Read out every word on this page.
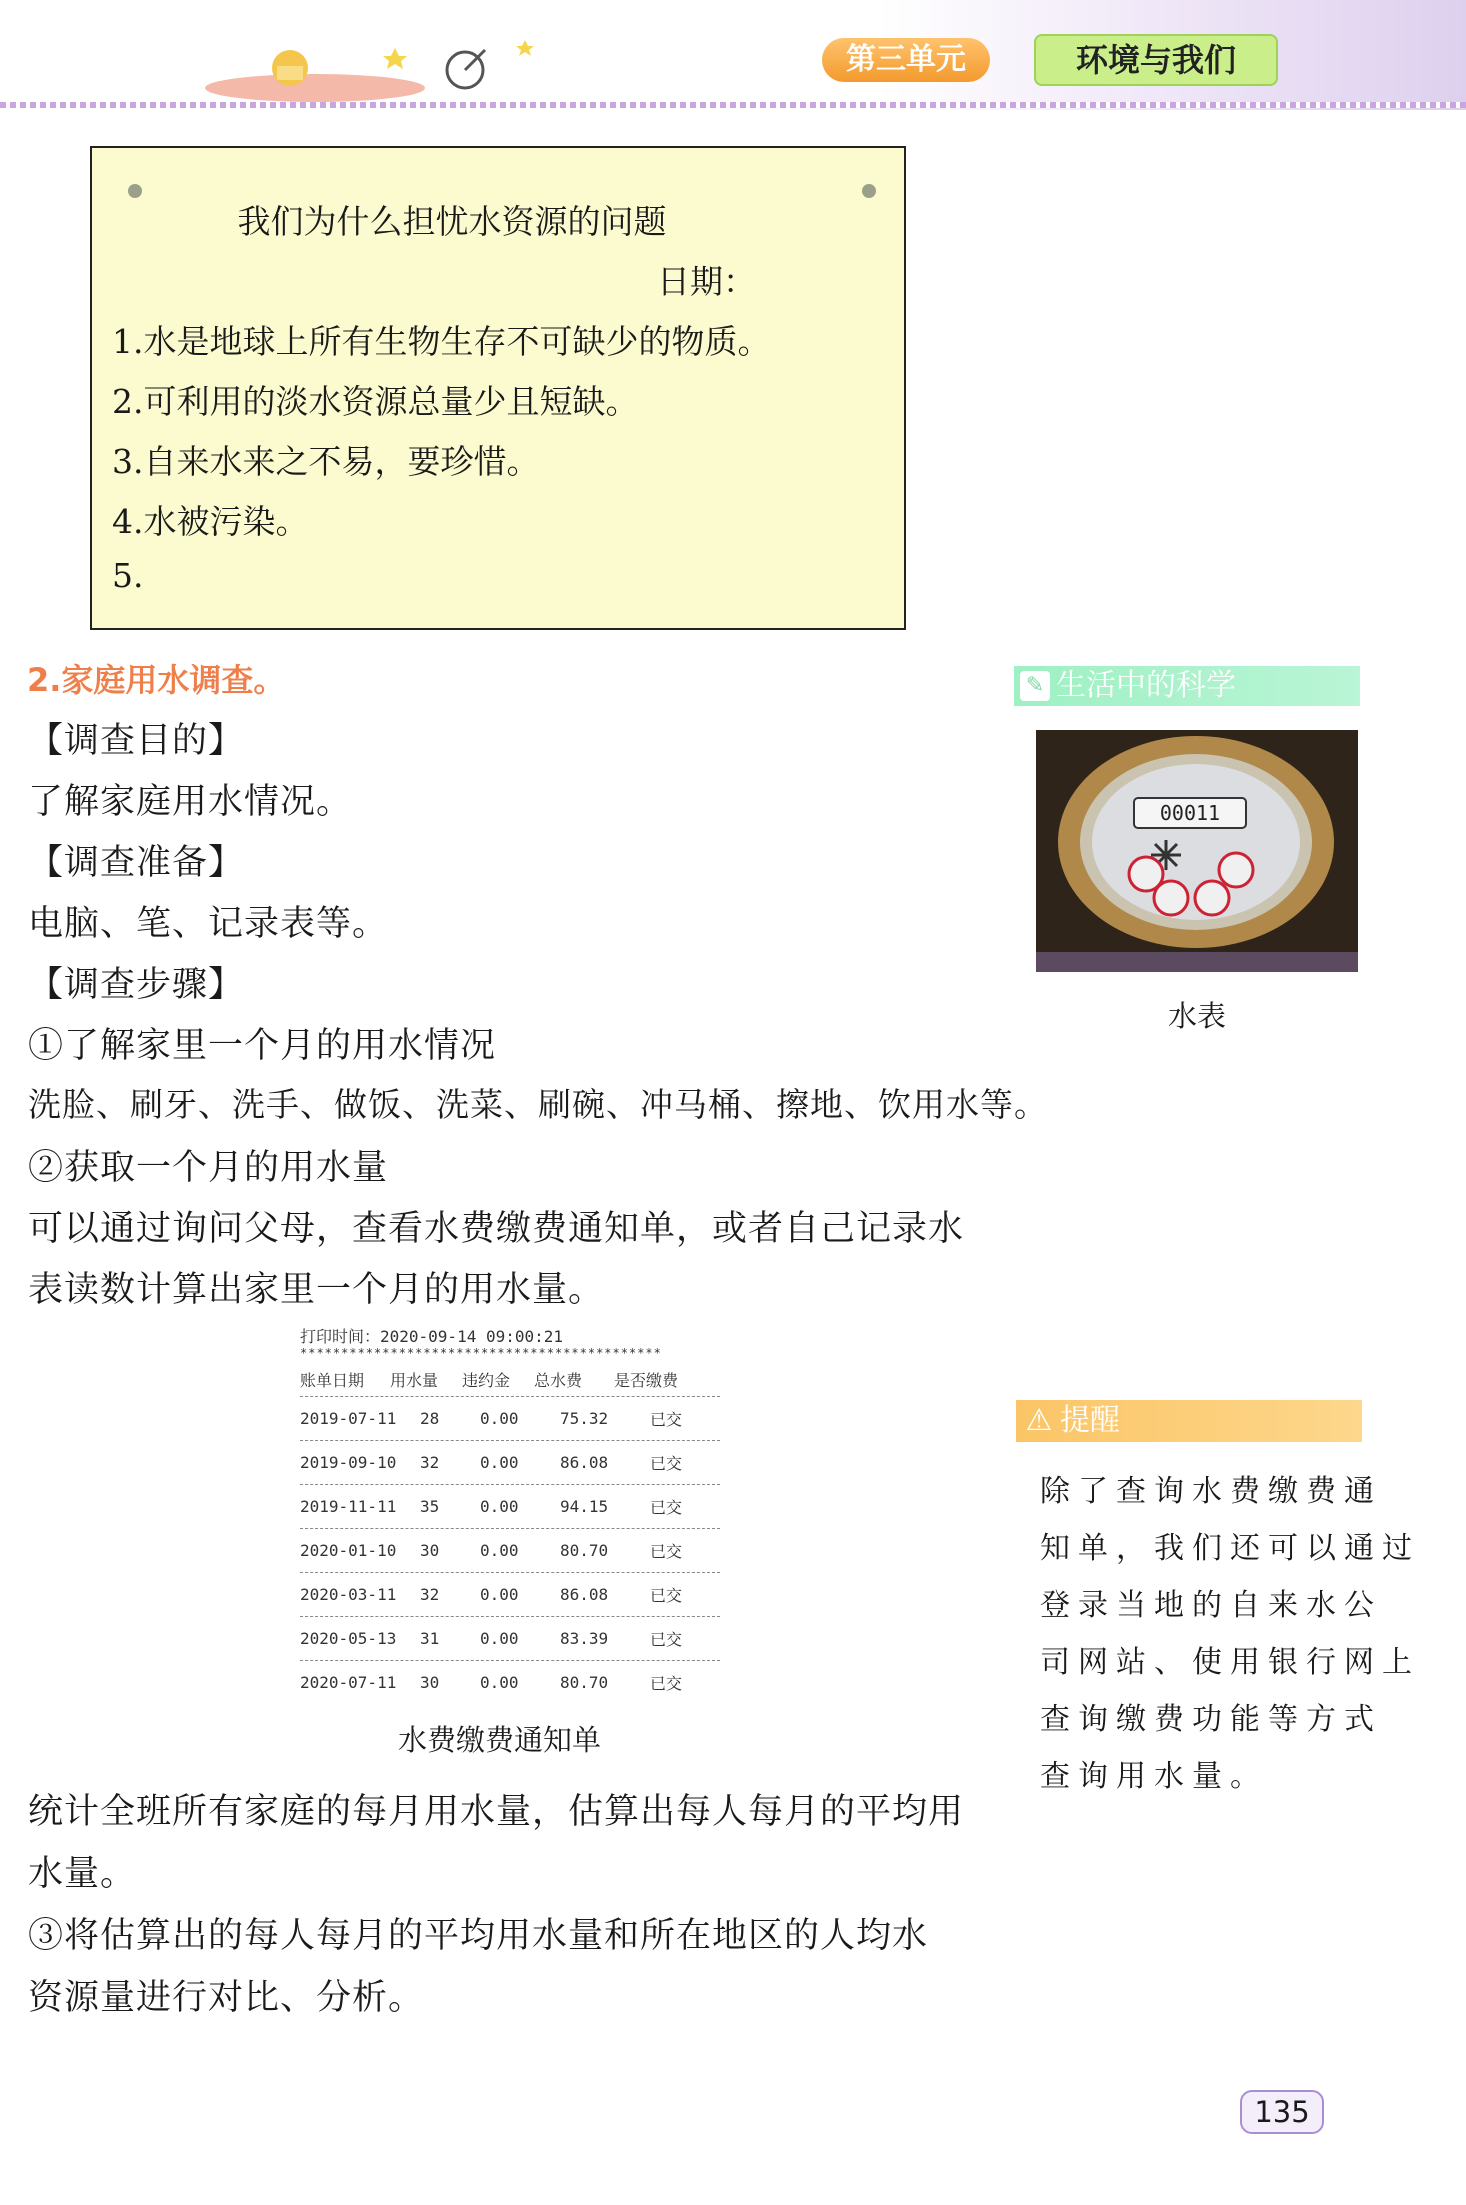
第三单元	环境与我们
我们为什么担忧水资源的问题
日期：
1.水是地球上所有生物生存不可缺少的物质。
2.可利用的淡水资源总量少且短缺。
3.自来水来之不易，要珍惜。
4.水被污染。
5.
2.家庭用水调查。
【调查目的】
了解家庭用水情况。
【调查准备】
电脑、笔、记录表等。
【调查步骤】
①了解家里一个月的用水情况
洗脸、刷牙、洗手、做饭、洗菜、刷碗、冲马桶、擦地、饮用水等。
②获取一个月的用水量
可以通过询问父母，查看水费缴费通知单，或者自己记录水
表读数计算出家里一个月的用水量。
打印时间：2020-09-14 09:00:21
********************************************
账单日期	用水量	违约金	总水费	是否缴费
2019-07-11	28	0.00	75.32	已交
2019-09-10	32	0.00	86.08	已交
2019-11-11	35	0.00	94.15	已交
2020-01-10	30	0.00	80.70	已交
2020-03-11	32	0.00	86.08	已交
2020-05-13	31	0.00	83.39	已交
2020-07-11	30	0.00	80.70	已交
水费缴费通知单
统计全班所有家庭的每月用水量，估算出每人每月的平均用
水量。
③将估算出的每人每月的平均用水量和所在地区的人均水
资源量进行对比、分析。
✎ 生活中的科学
00011
水表
⚠ 提醒
除了查询水费缴费通
知单，我们还可以通过
登录当地的自来水公
司网站、使用银行网上
查询缴费功能等方式
查询用水量。
135
